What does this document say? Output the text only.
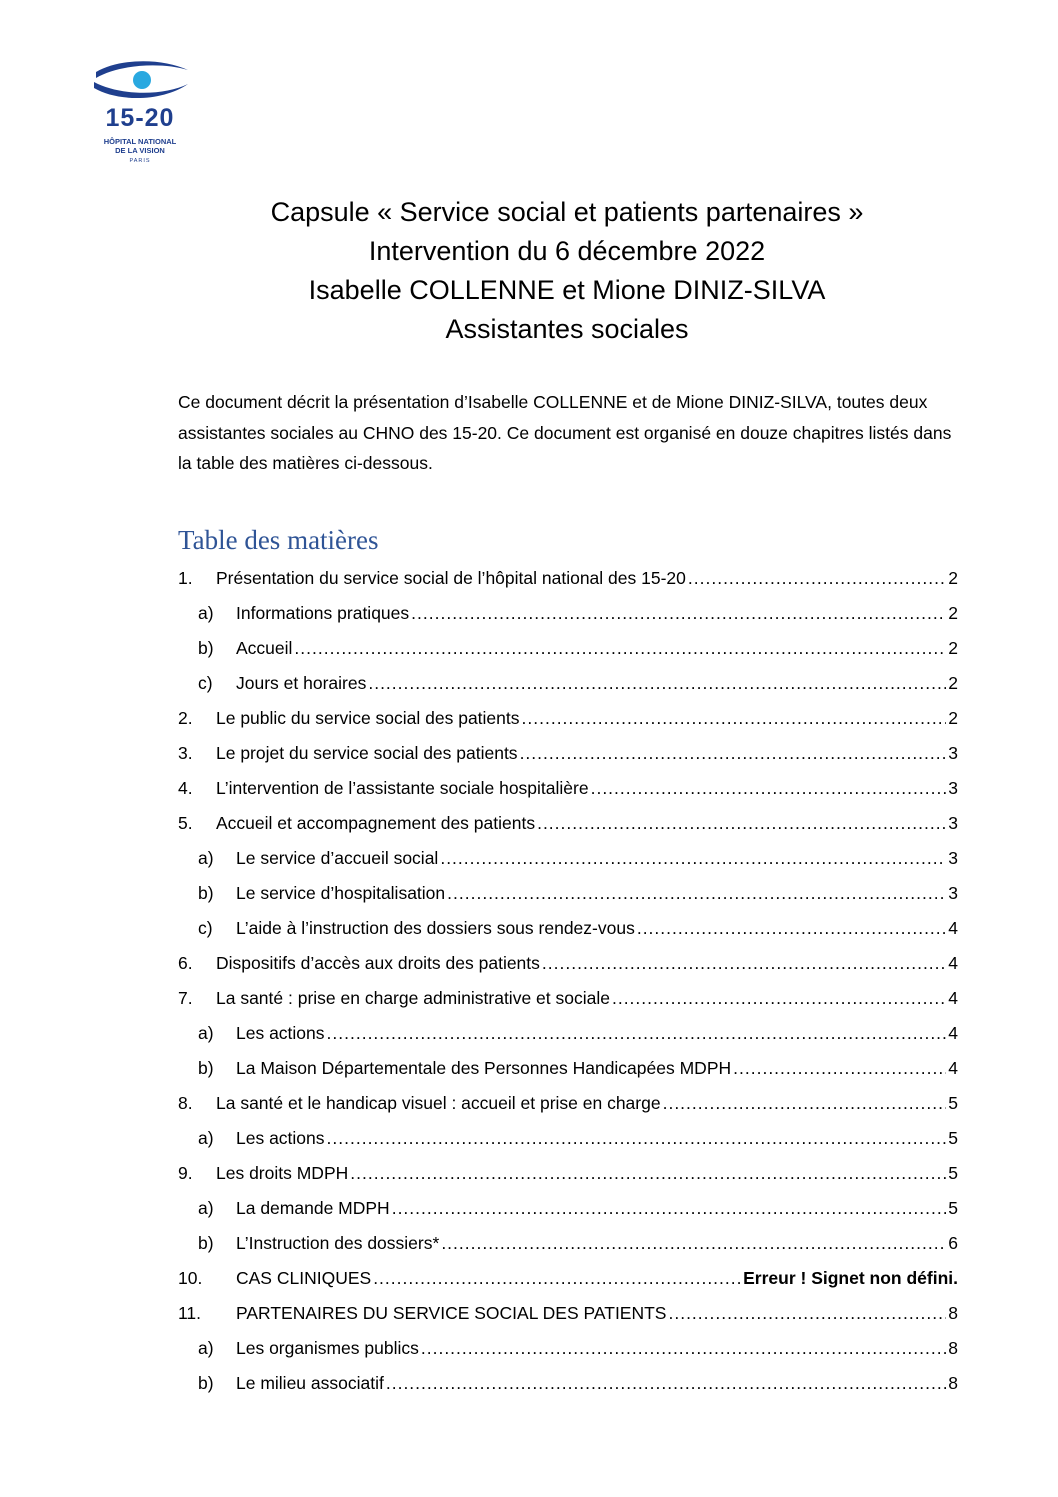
15-20
HÔPITAL NATIONAL
DE LA VISION
PARIS
Capsule « Service social et patients partenaires »
Intervention du 6 décembre 2022
Isabelle COLLENNE et Mione DINIZ-SILVA
Assistantes sociales

Ce document décrit la présentation d’Isabelle COLLENNE et de Mione DINIZ-SILVA, toutes deux assistantes sociales au CHNO des 15-20. Ce document est organisé en douze chapitres listés dans la table des matières ci-dessous.

Table des matières
1.	Présentation du service social de l’hôpital national des 15-20 .....	2
a)	Informations pratiques .....	2
b)	Accueil .....	2
c)	Jours et horaires .....	2
2.	Le public du service social des patients .....	2
3.	Le projet du service social des patients .....	3
4.	L’intervention de l’assistante sociale hospitalière .....	3
5.	Accueil et accompagnement des patients .....	3
a)	Le service d’accueil social .....	3
b)	Le service d’hospitalisation .....	3
c)	L’aide à l’instruction des dossiers sous rendez-vous .....	4
6.	Dispositifs d’accès aux droits des patients .....	4
7.	La santé : prise en charge administrative et sociale .....	4
a)	Les actions .....	4
b)	La Maison Départementale des Personnes Handicapées MDPH .....	4
8.	La santé et le handicap visuel : accueil et prise en charge .....	5
a)	Les actions .....	5
9.	Les droits MDPH .....	5
a)	La demande MDPH .....	5
b)	L’Instruction des dossiers* .....	6
10.	CAS CLINIQUES .....	Erreur ! Signet non défini.
11.	PARTENAIRES DU SERVICE SOCIAL DES PATIENTS .....	8
a)	Les organismes publics .....	8
b)	Le milieu associatif .....	8
